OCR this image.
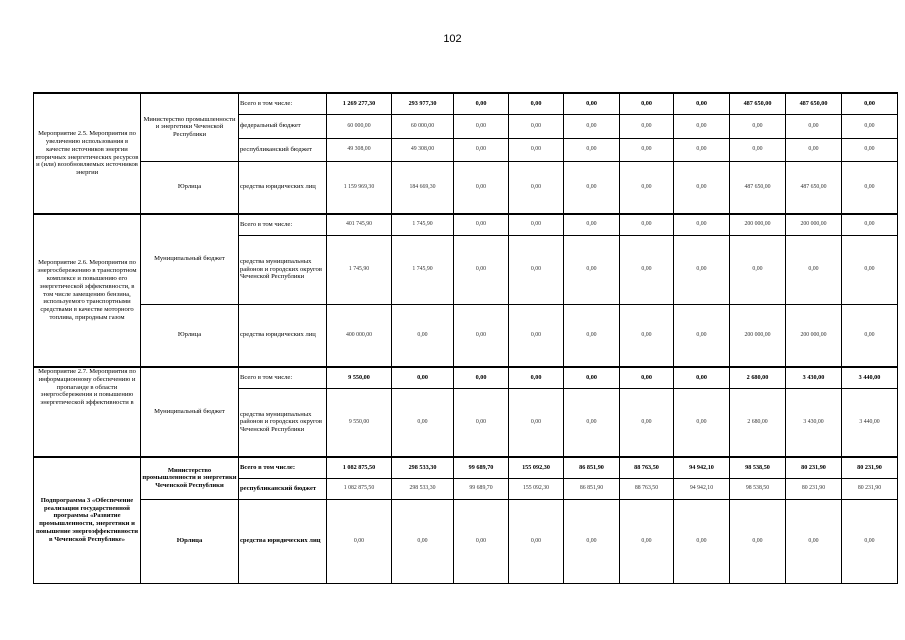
102
Мероприятие 2.5. Мероприятия по увеличению использования в качестве источников энергии вторичных энергетических ресурсов и (или) возобновляемых источников энергии	Министерство промышленности и энергетики Чеченской Республики	Всего в том числе:	1 269 277,30	293 977,30	0,00	0,00	0,00	0,00	0,00	487 650,00	487 650,00	0,00
		федеральный бюджет	60 000,00	60 000,00	0,00	0,00	0,00	0,00	0,00	0,00	0,00	0,00
		республиканский бюджет	49 308,00	49 308,00	0,00	0,00	0,00	0,00	0,00	0,00	0,00	0,00
	Юрлица	средства юридических лиц	1 159 969,30	184 669,30	0,00	0,00	0,00	0,00	0,00	487 650,00	487 650,00	0,00
Мероприятие 2.6. Мероприятия по энергосбережению в транспортном комплексе и повышению его энергетической эффективности, в том числе замещению бензина, используемого транспортными средствами в качестве моторного топлива, природным газом	Муниципальный бюджет	Всего в том числе:	401 745,90	1 745,90	0,00	0,00	0,00	0,00	0,00	200 000,00	200 000,00	0,00
		средства муниципальных районов и городских округов Чеченской Республики	1 745,90	1 745,90	0,00	0,00	0,00	0,00	0,00	0,00	0,00	0,00
	Юрлица	средства юридических лиц	400 000,00	0,00	0,00	0,00	0,00	0,00	0,00	200 000,00	200 000,00	0,00

Мероприятие 2.7. Мероприятия по информационному обеспечению и пропаганде в области энергосбережения и повышению энергетической эффективности в	Муниципальный бюджет	Всего в том числе:	9 550,00	0,00	0,00	0,00	0,00	0,00	0,00	2 680,00	3 430,00	3 440,00
		средства муниципальных районов и городских округов Чеченской Республики	9 550,00	0,00	0,00	0,00	0,00	0,00	0,00	2 680,00	3 430,00	3 440,00
Подпрограмма 3 «Обеспечение реализации государственной программы «Развитие промышленности, энергетики и повышение энергоэффективности в Чеченской Республике»	Министерство промышленности и энергетики Чеченской Республики	Всего в том числе:	1 082 875,50	298 533,30	99 689,70	155 092,30	86 851,90	88 763,50	94 942,10	98 538,50	80 231,90	80 231,90
		республиканский бюджет	1 082 875,50	298 533,30	99 689,70	155 092,30	86 851,90	88 763,50	94 942,10	98 538,50	80 231,90	80 231,90
	Юрлица	средства юридических лиц	0,00	0,00	0,00	0,00	0,00	0,00	0,00	0,00	0,00	0,00
